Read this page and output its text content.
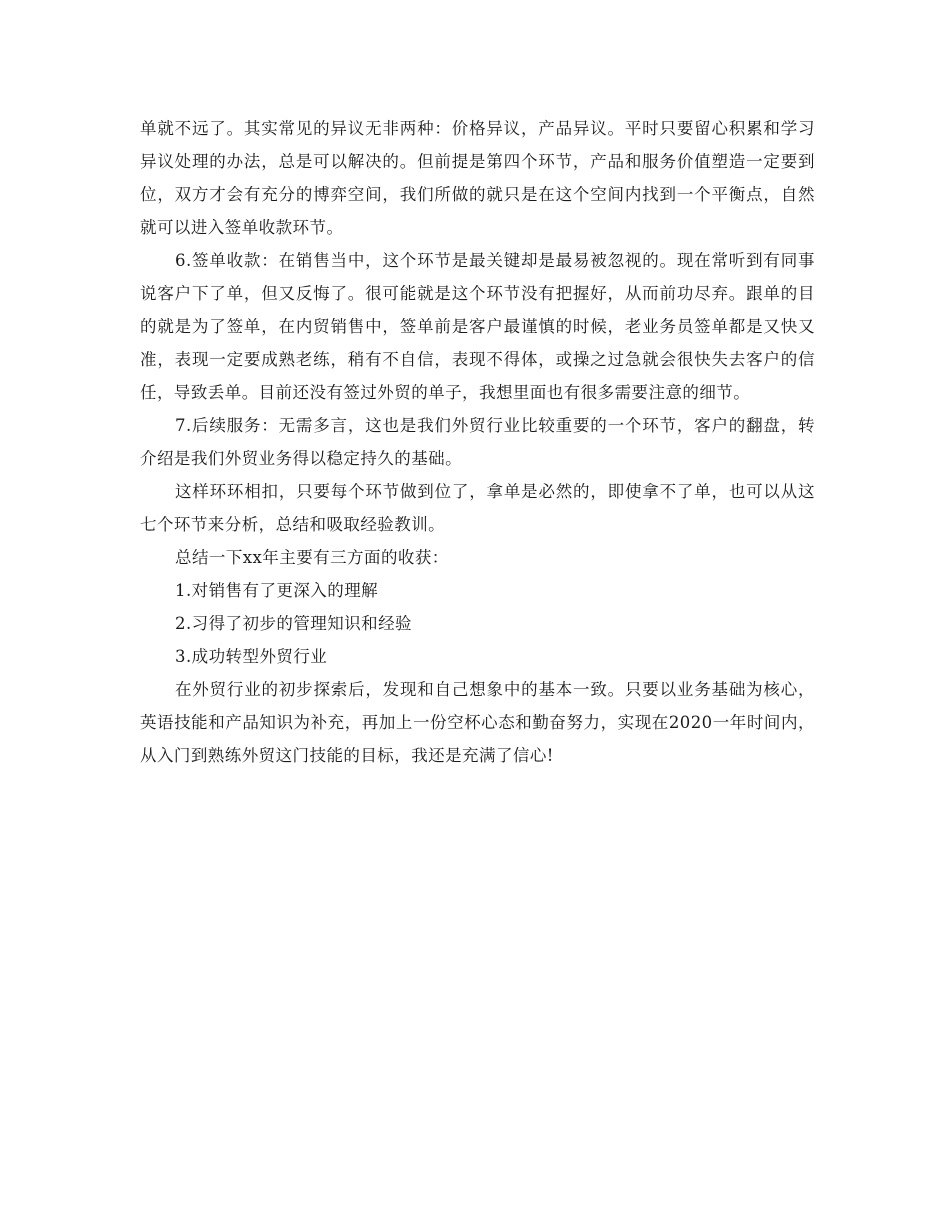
单就不远了。其实常见的异议无非两种：价格异议，产品异议。平时只要留心积累和学习异议处理的办法，总是可以解决的。但前提是第四个环节，产品和服务价值塑造一定要到位，双方才会有充分的博弈空间，我们所做的就只是在这个空间内找到一个平衡点，自然就可以进入签单收款环节。

6.签单收款：在销售当中，这个环节是最关键却是最易被忽视的。现在常听到有同事说客户下了单，但又反悔了。很可能就是这个环节没有把握好，从而前功尽弃。跟单的目的就是为了签单，在内贸销售中，签单前是客户最谨慎的时候，老业务员签单都是又快又准，表现一定要成熟老练，稍有不自信，表现不得体，或操之过急就会很快失去客户的信任，导致丢单。目前还没有签过外贸的单子，我想里面也有很多需要注意的细节。

7.后续服务：无需多言，这也是我们外贸行业比较重要的一个环节，客户的翻盘，转介绍是我们外贸业务得以稳定持久的基础。

这样环环相扣，只要每个环节做到位了，拿单是必然的，即使拿不了单，也可以从这七个环节来分析，总结和吸取经验教训。

总结一下xx年主要有三方面的收获：

1.对销售有了更深入的理解

2.习得了初步的管理知识和经验

3.成功转型外贸行业

在外贸行业的初步探索后，发现和自己想象中的基本一致。只要以业务基础为核心，英语技能和产品知识为补充，再加上一份空杯心态和勤奋努力，实现在2020一年时间内，从入门到熟练外贸这门技能的目标，我还是充满了信心!
